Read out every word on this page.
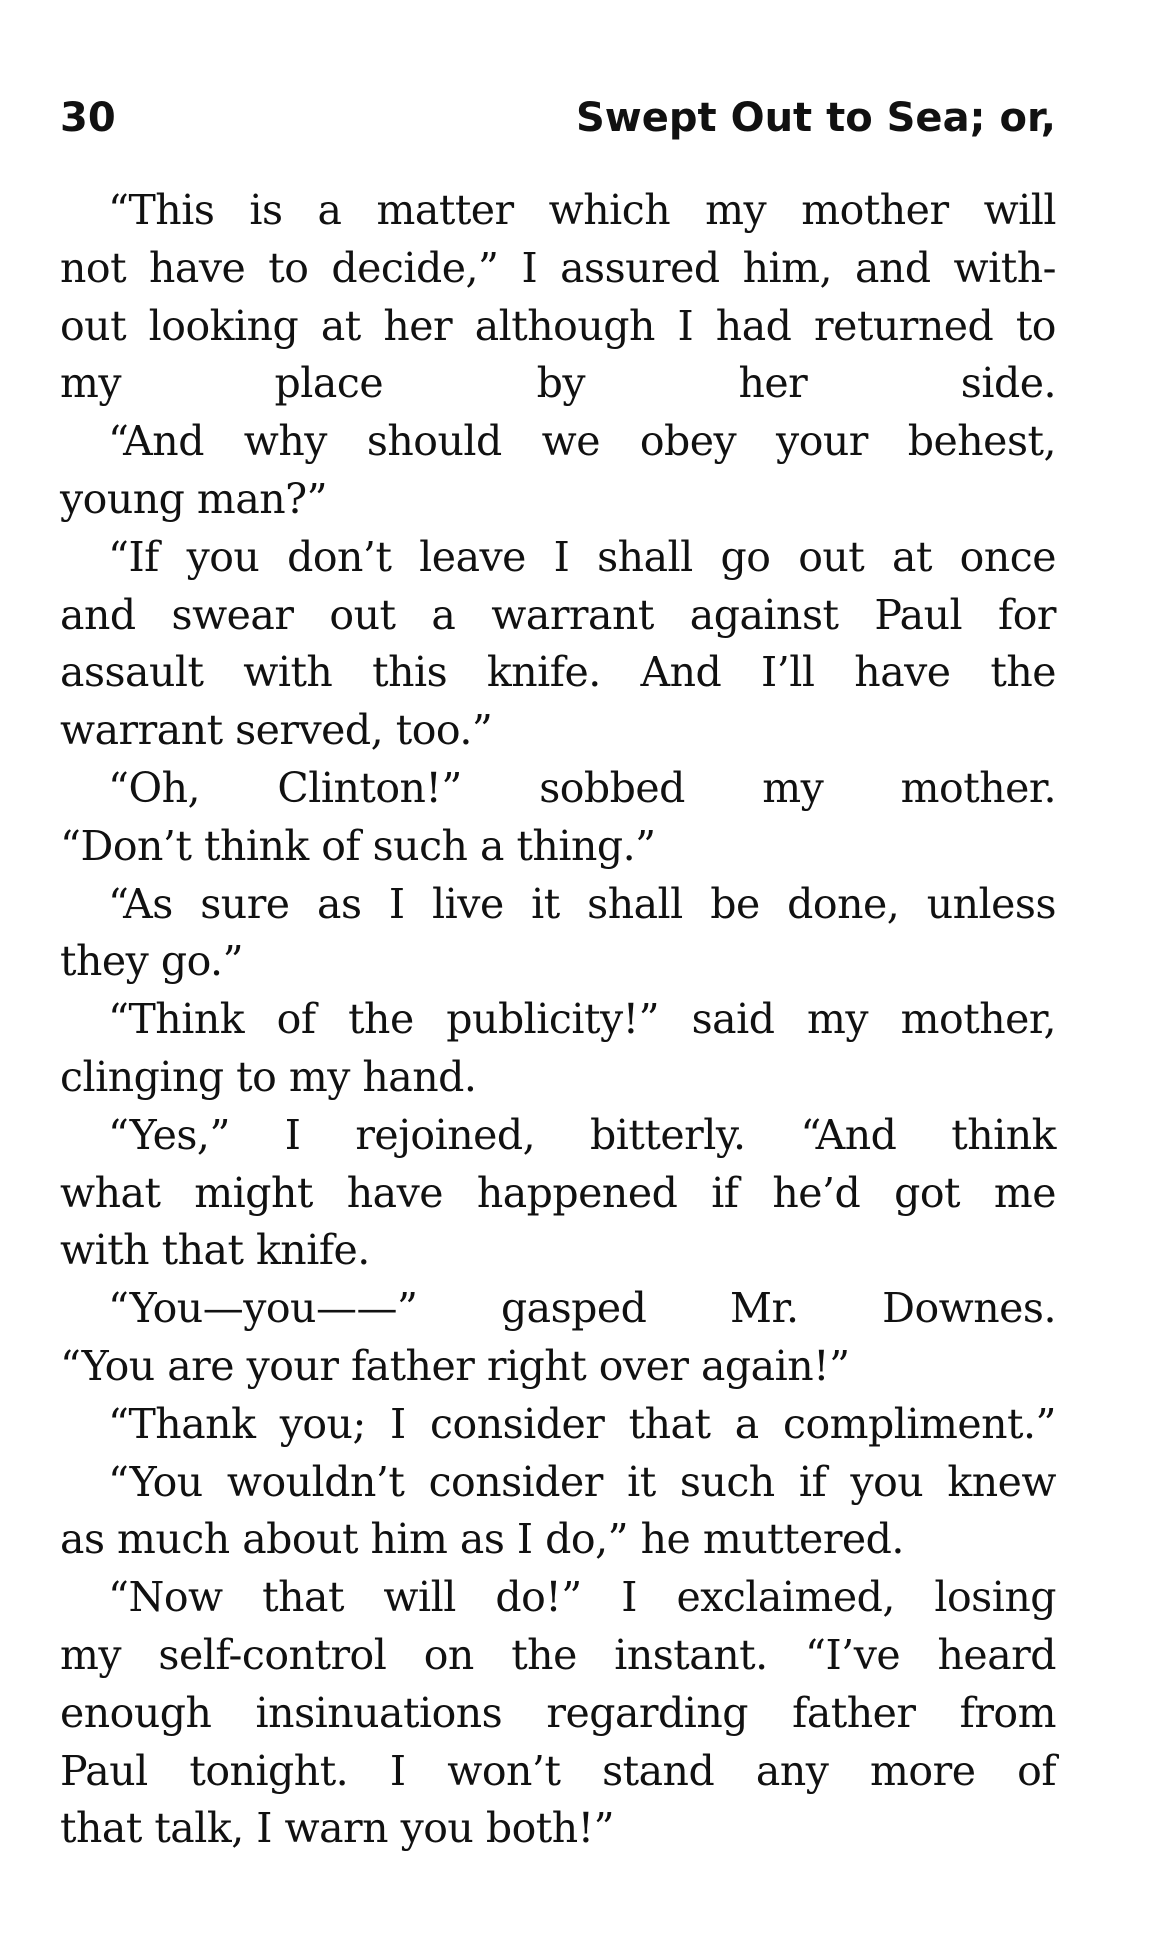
30	Swept Out to Sea; or,
“This is a matter which my mother will
not have to decide,” I assured him, and with-
out looking at her although I had returned to
my place by her side.
“And why should we obey your behest,
young man?”
“If you don’t leave I shall go out at once
and swear out a warrant against Paul for
assault with this knife. And I’ll have the
warrant served, too.”
“Oh, Clinton!” sobbed my mother.
“Don’t think of such a thing.”
“As sure as I live it shall be done, unless
they go.”
“Think of the publicity!” said my mother,
clinging to my hand.
“Yes,” I rejoined, bitterly. “And think
what might have happened if he’d got me
with that knife.
“You—you——” gasped Mr. Downes.
“You are your father right over again!”
“Thank you; I consider that a compliment.”
“You wouldn’t consider it such if you knew
as much about him as I do,” he muttered.
“Now that will do!” I exclaimed, losing
my self-control on the instant. “I’ve heard
enough insinuations regarding father from
Paul tonight. I won’t stand any more of
that talk, I warn you both!”
